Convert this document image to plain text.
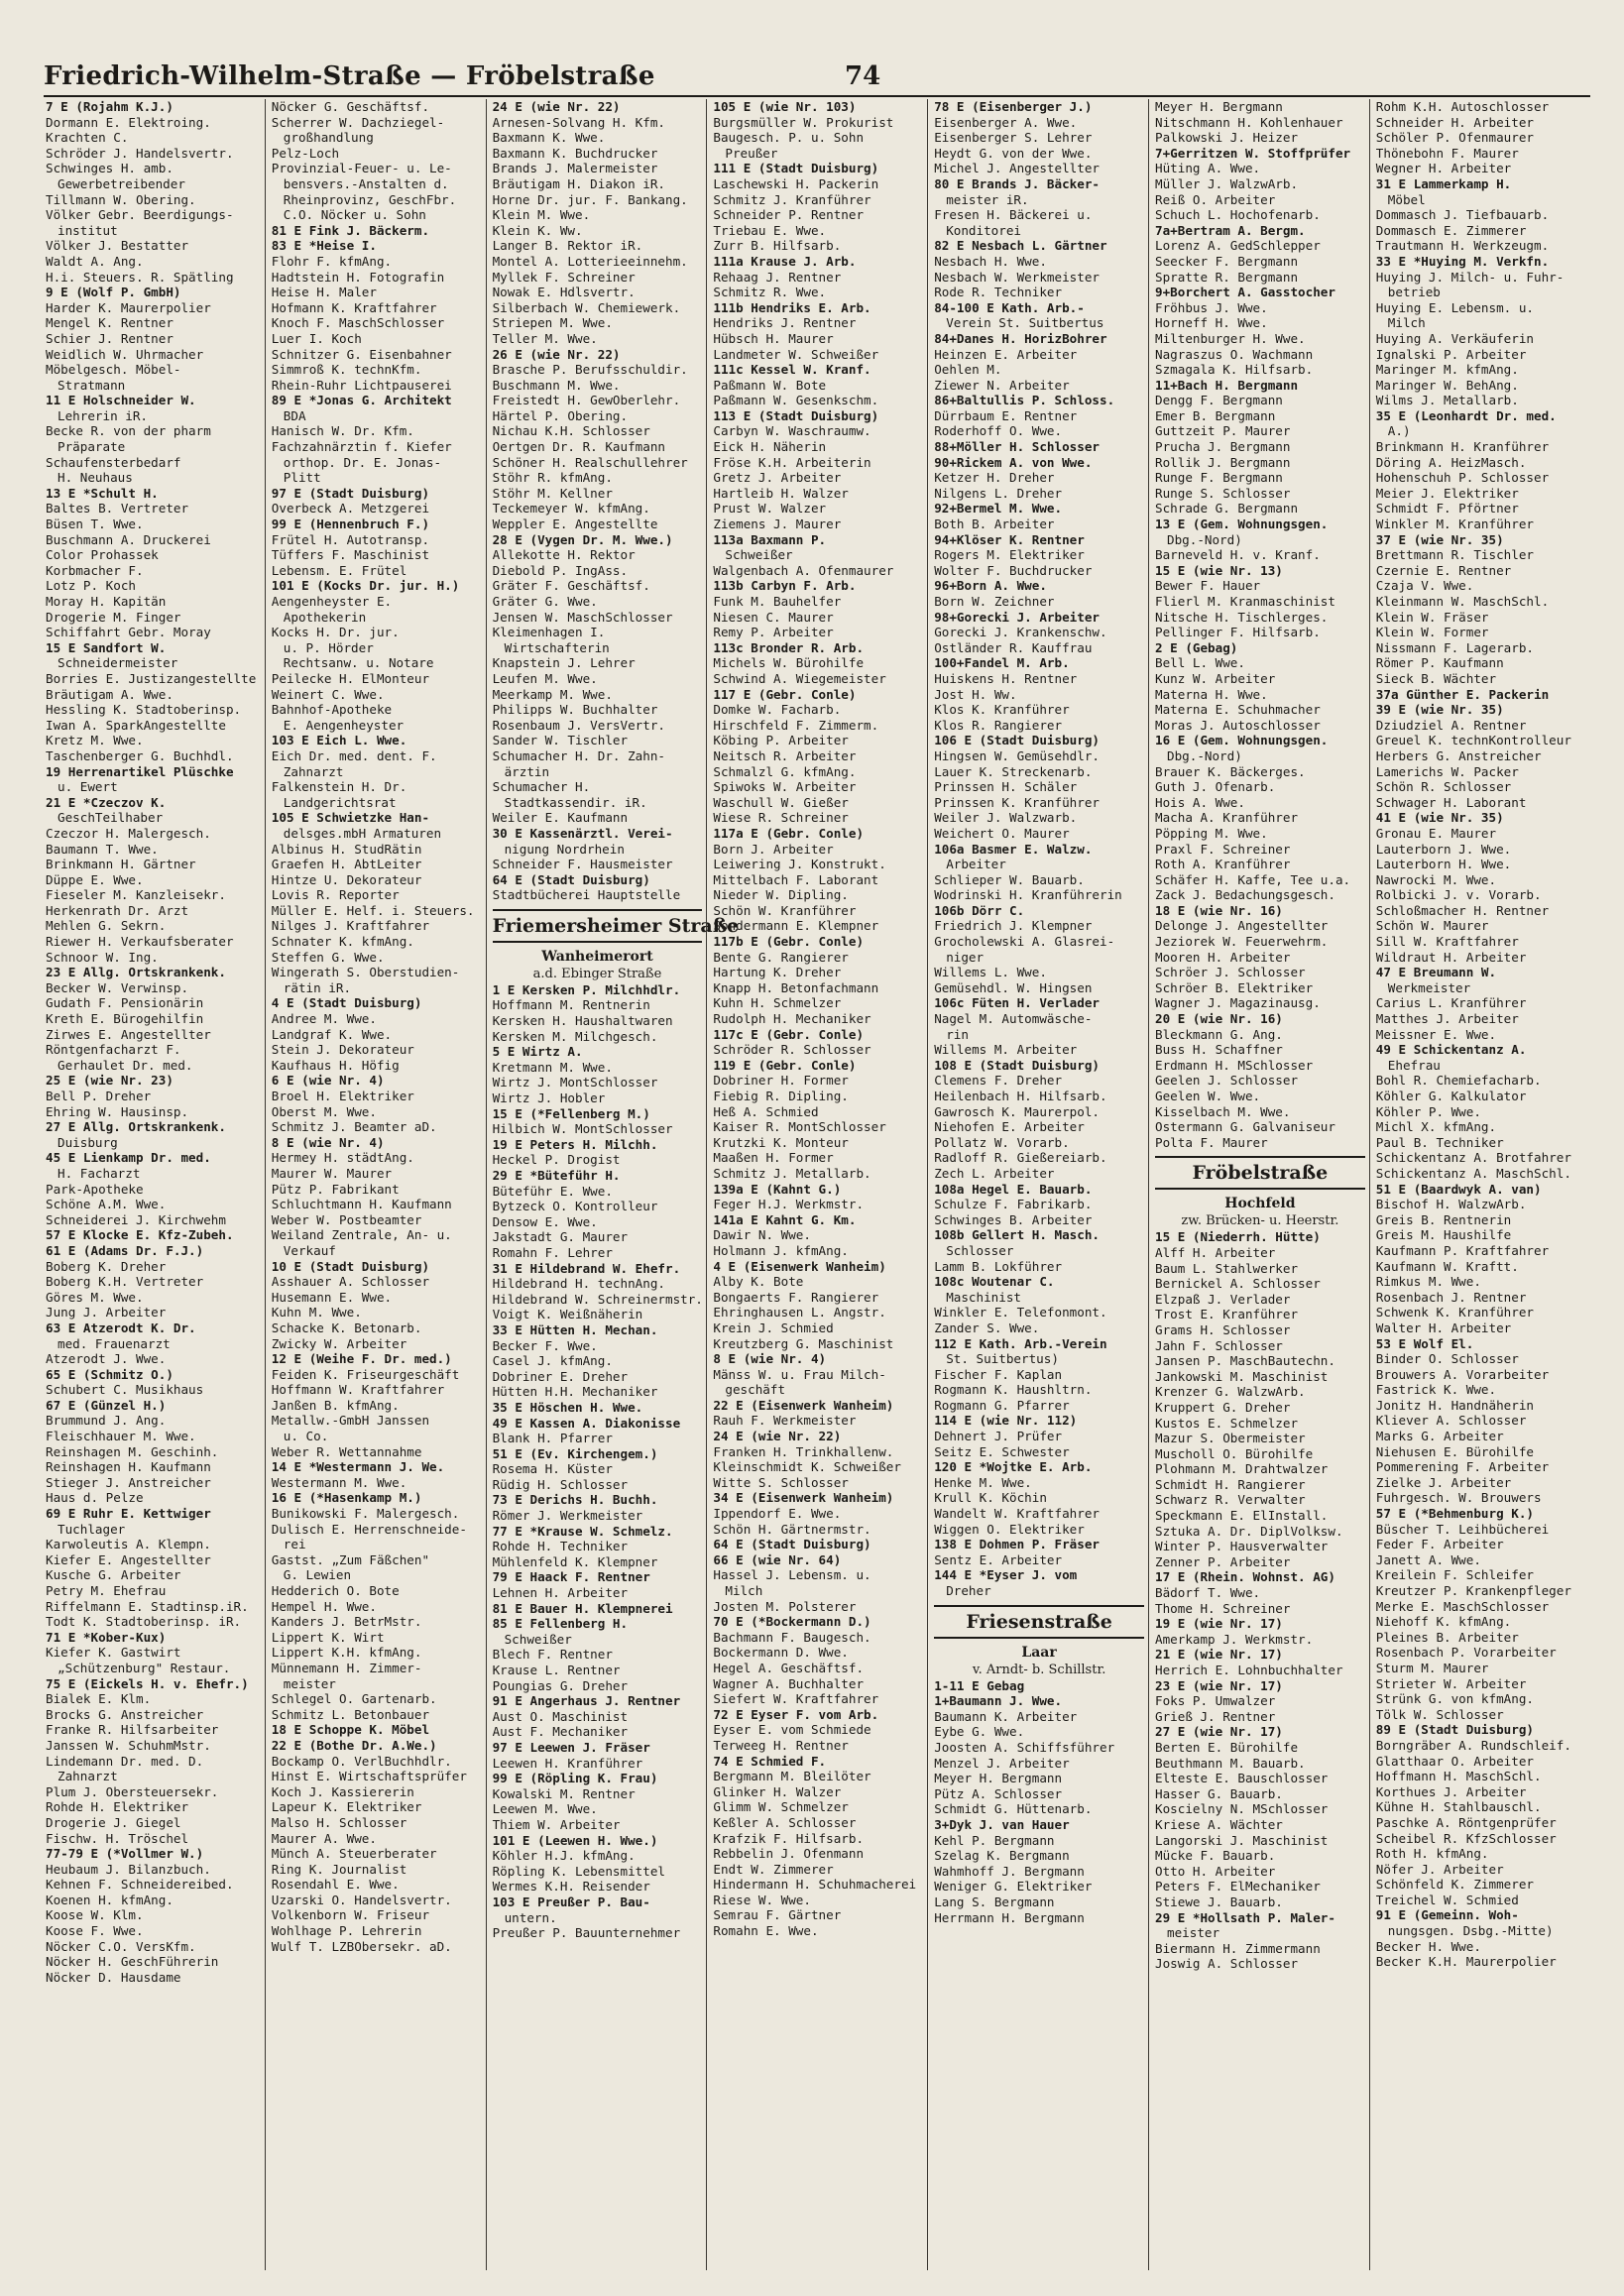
Friedrich-Wilhelm-Straße — Fröbelstraße	74
7 E (Rojahm K.J.)
Dormann E. Elektroing.
Krachten C.
Schröder J. Handelsvertr.
Schwinges H. amb.
Gewerbetreibender
Tillmann W. Obering.
Völker Gebr. Beerdigungs-
institut
Völker J. Bestatter
Waldt A. Ang.
H.i. Steuers. R. Spätling
9 E (Wolf P. GmbH)
Harder K. Maurerpolier
Mengel K. Rentner
Schier J. Rentner
Weidlich W. Uhrmacher
Möbelgesch. Möbel-
Stratmann
11 E Holschneider W.
Lehrerin iR.
Becke R. von der pharm
Präparate
Schaufensterbedarf
H. Neuhaus
13 E *Schult H.
Baltes B. Vertreter
Büsen T. Wwe.
Buschmann A. Druckerei
Color Prohassek
Korbmacher F.
Lotz P. Koch
Moray H. Kapitän
Drogerie M. Finger
Schiffahrt Gebr. Moray
15 E Sandfort W.
Schneidermeister
Borries E. Justizangestellte
Bräutigam A. Wwe.
Hessling K. Stadtoberinsp.
Iwan A. SparkAngestellte
Kretz M. Wwe.
Taschenberger G. Buchhdl.
19 Herrenartikel Plüschke
u. Ewert
21 E *Czeczov K.
GeschTeilhaber
Czeczor H. Malergesch.
Baumann T. Wwe.
Brinkmann H. Gärtner
Düppe E. Wwe.
Fieseler M. Kanzleisekr.
Herkenrath Dr. Arzt
Mehlen G. Sekrn.
Riewer H. Verkaufsberater
Schnoor W. Ing.
23 E Allg. Ortskrankenk.
Becker W. Verwinsp.
Gudath F. Pensionärin
Kreth E. Bürogehilfin
Zirwes E. Angestellter
Röntgenfacharzt F.
Gerhaulet Dr. med.
25 E (wie Nr. 23)
Bell P. Dreher
Ehring W. Hausinsp.
27 E Allg. Ortskrankenk.
Duisburg
45 E Lienkamp Dr. med.
H. Facharzt
Park-Apotheke
Schöne A.M. Wwe.
Schneiderei J. Kirchwehm
57 E Klocke E. Kfz-Zubeh.
61 E (Adams Dr. F.J.)
Boberg K. Dreher
Boberg K.H. Vertreter
Göres M. Wwe.
Jung J. Arbeiter
63 E Atzerodt K. Dr.
med. Frauenarzt
Atzerodt J. Wwe.
65 E (Schmitz O.)
Schubert C. Musikhaus
67 E (Günzel H.)
Brummund J. Ang.
Fleischhauer M. Wwe.
Reinshagen M. Geschinh.
Reinshagen H. Kaufmann
Stieger J. Anstreicher
Haus d. Pelze
69 E Ruhr E. Kettwiger
Tuchlager
Karwoleutis A. Klempn.
Kiefer E. Angestellter
Kusche G. Arbeiter
Petry M. Ehefrau
Riffelmann E. Stadtinsp.iR.
Todt K. Stadtoberinsp. iR.
71 E *Kober-Kux)
Kiefer K. Gastwirt
„Schützenburg" Restaur.
75 E (Eickels H. v. Ehefr.)
Bialek E. Klm.
Brocks G. Anstreicher
Franke R. Hilfsarbeiter
Janssen W. SchuhmMstr.
Lindemann Dr. med. D.
Zahnarzt
Plum J. Obersteuersekr.
Rohde H. Elektriker
Drogerie J. Giegel
Fischw. H. Tröschel
77-79 E (*Vollmer W.)
Heubaum J. Bilanzbuch.
Kehnen F. Schneidereibed.
Koenen H. kfmAng.
Koose W. Klm.
Koose F. Wwe.
Nöcker C.O. VersKfm.
Nöcker H. GeschFührerin
Nöcker D. Hausdame
Nöcker G. Geschäftsf.
Scherrer W. Dachziegel-
großhandlung
Pelz-Loch
Provinzial-Feuer- u. Le-
bensvers.-Anstalten d.
Rheinprovinz, GeschFbr.
C.O. Nöcker u. Sohn
81 E Fink J. Bäckerm.
83 E *Heise I.
Flohr F. kfmAng.
Hadtstein H. Fotografin
Heise H. Maler
Hofmann K. Kraftfahrer
Knoch F. MaschSchlosser
Luer I. Koch
Schnitzer G. Eisenbahner
Simmroß K. technKfm.
Rhein-Ruhr Lichtpauserei
89 E *Jonas G. Architekt
BDA
Hanisch W. Dr. Kfm.
Fachzahnärztin f. Kiefer
orthop. Dr. E. Jonas-
Plitt
97 E (Stadt Duisburg)
Overbeck A. Metzgerei
99 E (Hennenbruch F.)
Frütel H. Autotransp.
Tüffers F. Maschinist
Lebensm. E. Frütel
101 E (Kocks Dr. jur. H.)
Aengenheyster E.
Apothekerin
Kocks H. Dr. jur.
u. P. Hörder
Rechtsanw. u. Notare
Peilecke H. ElMonteur
Weinert C. Wwe.
Bahnhof-Apotheke
E. Aengenheyster
103 E Eich L. Wwe.
Eich Dr. med. dent. F.
Zahnarzt
Falkenstein H. Dr.
Landgerichtsrat
105 E Schwietzke Han-
delsges.mbH Armaturen
Albinus H. StudRätin
Graefen H. AbtLeiter
Hintze U. Dekorateur
Lovis R. Reporter
Müller E. Helf. i. Steuers.
Nilges J. Kraftfahrer
Schnater K. kfmAng.
Steffen G. Wwe.
Wingerath S. Oberstudien-
rätin iR.
4 E (Stadt Duisburg)
Andree M. Wwe.
Landgraf K. Wwe.
Stein J. Dekorateur
Kaufhaus H. Höfig
6 E (wie Nr. 4)
Broel H. Elektriker
Oberst M. Wwe.
Schmitz J. Beamter aD.
8 E (wie Nr. 4)
Hermey H. städtAng.
Maurer W. Maurer
Pütz P. Fabrikant
Schluchtmann H. Kaufmann
Weber W. Postbeamter
Weiland Zentrale, An- u.
Verkauf
10 E (Stadt Duisburg)
Asshauer A. Schlosser
Husemann E. Wwe.
Kuhn M. Wwe.
Schacke K. Betonarb.
Zwicky W. Arbeiter
12 E (Weihe F. Dr. med.)
Feiden K. Friseurgeschäft
Hoffmann W. Kraftfahrer
Janßen B. kfmAng.
Metallw.-GmbH Janssen
u. Co.
Weber R. Wettannahme
14 E *Westermann J. We.
Westermann M. Wwe.
16 E (*Hasenkamp M.)
Bunikowski F. Malergesch.
Dulisch E. Herrenschneide-
rei
Gastst. „Zum Fäßchen"
G. Lewien
Hedderich O. Bote
Hempel H. Wwe.
Kanders J. BetrMstr.
Lippert K. Wirt
Lippert K.H. kfmAng.
Münnemann H. Zimmer-
meister
Schlegel O. Gartenarb.
Schmitz L. Betonbauer
18 E Schoppe K. Möbel
22 E (Bothe Dr. A.We.)
Bockamp O. VerlBuchhdlr.
Hinst E. Wirtschaftsprüfer
Koch J. Kassiererin
Lapeur K. Elektriker
Malso H. Schlosser
Maurer A. Wwe.
Münch A. Steuerberater
Ring K. Journalist
Rosendahl E. Wwe.
Uzarski O. Handelsvertr.
Volkenborn W. Friseur
Wohlhage P. Lehrerin
Wulf T. LZBObersekr. aD.
24 E (wie Nr. 22)
Arnesen-Solvang H. Kfm.
Baxmann K. Wwe.
Baxmann K. Buchdrucker
Brands J. Malermeister
Bräutigam H. Diakon iR.
Horne Dr. jur. F. Bankang.
Klein M. Wwe.
Klein K. Ww.
Langer B. Rektor iR.
Montel A. Lotterieeinnehm.
Myllek F. Schreiner
Nowak E. Hdlsvertr.
Silberbach W. Chemiewerk.
Striepen M. Wwe.
Teller M. Wwe.
26 E (wie Nr. 22)
Brasche P. Berufsschuldir.
Buschmann M. Wwe.
Freistedt H. GewOberlehr.
Härtel P. Obering.
Nichau K.H. Schlosser
Oertgen Dr. R. Kaufmann
Schöner H. Realschullehrer
Stöhr R. kfmAng.
Stöhr M. Kellner
Teckemeyer W. kfmAng.
Weppler E. Angestellte
28 E (Vygen Dr. M. Wwe.)
Allekotte H. Rektor
Diebold P. IngAss.
Gräter F. Geschäftsf.
Gräter G. Wwe.
Jensen W. MaschSchlosser
Kleimenhagen I.
Wirtschafterin
Knapstein J. Lehrer
Leufen M. Wwe.
Meerkamp M. Wwe.
Philipps W. Buchhalter
Rosenbaum J. VersVertr.
Sander W. Tischler
Schumacher H. Dr. Zahn-
ärztin
Schumacher H.
Stadtkassendir. iR.
Weiler E. Kaufmann
30 E Kassenärztl. Verei-
nigung Nordrhein
Schneider F. Hausmeister
64 E (Stadt Duisburg)
Stadtbücherei Hauptstelle
Friemersheimer Straße
Wanheimerort
a.d. Ebinger Straße
1 E Kersken P. Milchhdlr.
Hoffmann M. Rentnerin
Kersken H. Haushaltwaren
Kersken M. Milchgesch.
5 E Wirtz A.
Kretmann M. Wwe.
Wirtz J. MontSchlosser
Wirtz J. Hobler
15 E (*Fellenberg M.)
Hilbich W. MontSchlosser
19 E Peters H. Milchh.
Heckel P. Drogist
29 E *Büteführ H.
Büteführ E. Wwe.
Bytzeck O. Kontrolleur
Densow E. Wwe.
Jakstadt G. Maurer
Romahn F. Lehrer
31 E Hildebrand W. Ehefr.
Hildebrand H. technAng.
Hildebrand W. Schreinermstr.
Voigt K. Weißnäherin
33 E Hütten H. Mechan.
Becker F. Wwe.
Casel J. kfmAng.
Dobriner E. Dreher
Hütten H.H. Mechaniker
35 E Höschen H. Wwe.
49 E Kassen A. Diakonisse
Blank H. Pfarrer
51 E (Ev. Kirchengem.)
Rosema H. Küster
Rüdig H. Schlosser
73 E Derichs H. Buchh.
Römer J. Werkmeister
77 E *Krause W. Schmelz.
Rohde H. Techniker
Mühlenfeld K. Klempner
79 E Haack F. Rentner
Lehnen H. Arbeiter
81 E Bauer H. Klempnerei
85 E Fellenberg H.
Schweißer
Blech F. Rentner
Krause L. Rentner
Poungias G. Dreher
91 E Angerhaus J. Rentner
Aust O. Maschinist
Aust F. Mechaniker
97 E Leewen J. Fräser
Leewen H. Kranführer
99 E (Röpling K. Frau)
Kowalski M. Rentner
Leewen M. Wwe.
Thiem W. Arbeiter
101 E (Leewen H. Wwe.)
Köhler H.J. kfmAng.
Röpling K. Lebensmittel
Wermes K.H. Reisender
103 E Preußer P. Bau-
untern.
Preußer P. Bauunternehmer
105 E (wie Nr. 103)
Burgsmüller W. Prokurist
Baugesch. P. u. Sohn
Preußer
111 E (Stadt Duisburg)
Laschewski H. Packerin
Schmitz J. Kranführer
Schneider P. Rentner
Triebau E. Wwe.
Zurr B. Hilfsarb.
111a Krause J. Arb.
Rehaag J. Rentner
Schmitz R. Wwe.
111b Hendriks E. Arb.
Hendriks J. Rentner
Hübsch H. Maurer
Landmeter W. Schweißer
111c Kessel W. Kranf.
Paßmann W. Bote
Paßmann W. Gesenkschm.
113 E (Stadt Duisburg)
Carbyn W. Waschraumw.
Eick H. Näherin
Fröse K.H. Arbeiterin
Gretz J. Arbeiter
Hartleib H. Walzer
Prust W. Walzer
Ziemens J. Maurer
113a Baxmann P.
Schweißer
Walgenbach A. Ofenmaurer
113b Carbyn F. Arb.
Funk M. Bauhelfer
Niesen C. Maurer
Remy P. Arbeiter
113c Bronder R. Arb.
Michels W. Bürohilfe
Schwind A. Wiegemeister
117 E (Gebr. Conle)
Domke W. Facharb.
Hirschfeld F. Zimmerm.
Köbing P. Arbeiter
Neitsch R. Arbeiter
Schmalzl G. kfmAng.
Spiwoks W. Arbeiter
Waschull W. Gießer
Wiese R. Schreiner
117a E (Gebr. Conle)
Born J. Arbeiter
Leiwering J. Konstrukt.
Mittelbach F. Laborant
Nieder W. Dipling.
Schön W. Kranführer
Sondermann E. Klempner
117b E (Gebr. Conle)
Bente G. Rangierer
Hartung K. Dreher
Knapp H. Betonfachmann
Kuhn H. Schmelzer
Rudolph H. Mechaniker
117c E (Gebr. Conle)
Schröder R. Schlosser
119 E (Gebr. Conle)
Dobriner H. Former
Fiebig R. Dipling.
Heß A. Schmied
Kaiser R. MontSchlosser
Krutzki K. Monteur
Maaßen H. Former
Schmitz J. Metallarb.
139a E (Kahnt G.)
Feger H.J. Werkmstr.
141a E Kahnt G. Km.
Dawir N. Wwe.
Holmann J. kfmAng.
4 E (Eisenwerk Wanheim)
Alby K. Bote
Bongaerts F. Rangierer
Ehringhausen L. Angstr.
Krein J. Schmied
Kreutzberg G. Maschinist
8 E (wie Nr. 4)
Mänss W. u. Frau Milch-
geschäft
22 E (Eisenwerk Wanheim)
Rauh F. Werkmeister
24 E (wie Nr. 22)
Franken H. Trinkhallenw.
Kleinschmidt K. Schweißer
Witte S. Schlosser
34 E (Eisenwerk Wanheim)
Ippendorf E. Wwe.
Schön H. Gärtnermstr.
64 E (Stadt Duisburg)
66 E (wie Nr. 64)
Hassel J. Lebensm. u.
Milch
Josten M. Polsterer
70 E (*Bockermann D.)
Bachmann F. Baugesch.
Bockermann D. Wwe.
Hegel A. Geschäftsf.
Wagner A. Buchhalter
Siefert W. Kraftfahrer
72 E Eyser F. vom Arb.
Eyser E. vom Schmiede
Terweeg H. Rentner
74 E Schmied F.
Bergmann M. Bleilöter
Glinker H. Walzer
Glimm W. Schmelzer
Keßler A. Schlosser
Krafzik F. Hilfsarb.
Rebbelin J. Ofenmann
Endt W. Zimmerer
Hindermann H. Schuhmacherei
Riese W. Wwe.
Semrau F. Gärtner
Romahn E. Wwe.
78 E (Eisenberger J.)
Eisenberger A. Wwe.
Eisenberger S. Lehrer
Heydt G. von der Wwe.
Michel J. Angestellter
80 E Brands J. Bäcker-
meister iR.
Fresen H. Bäckerei u.
Konditorei
82 E Nesbach L. Gärtner
Nesbach H. Wwe.
Nesbach W. Werkmeister
Rode R. Techniker
84-100 E Kath. Arb.-
Verein St. Suitbertus
84+Danes H. HorizBohrer
Heinzen E. Arbeiter
Oehlen M.
Ziewer N. Arbeiter
86+Baltullis P. Schloss.
Dürrbaum E. Rentner
Roderhoff O. Wwe.
88+Möller H. Schlosser
90+Rickem A. von Wwe.
Ketzer H. Dreher
Nilgens L. Dreher
92+Bermel M. Wwe.
Both B. Arbeiter
94+Klöser K. Rentner
Rogers M. Elektriker
Wolter F. Buchdrucker
96+Born A. Wwe.
Born W. Zeichner
98+Gorecki J. Arbeiter
Gorecki J. Krankenschw.
Ostländer R. Kauffrau
100+Fandel M. Arb.
Huiskens H. Rentner
Jost H. Ww.
Klos K. Kranführer
Klos R. Rangierer
106 E (Stadt Duisburg)
Hingsen W. Gemüsehdlr.
Lauer K. Streckenarb.
Prinssen H. Schäler
Prinssen K. Kranführer
Weiler J. Walzwarb.
Weichert O. Maurer
106a Basmer E. Walzw.
Arbeiter
Schlieper W. Bauarb.
Wodrinski H. Kranführerin
106b Dörr C.
Friedrich J. Klempner
Grocholewski A. Glasrei-
niger
Willems L. Wwe.
Gemüsehdl. W. Hingsen
106c Füten H. Verlader
Nagel M. Automwäsche-
rin
Willems M. Arbeiter
108 E (Stadt Duisburg)
Clemens F. Dreher
Heilenbach H. Hilfsarb.
Gawrosch K. Maurerpol.
Niehofen E. Arbeiter
Pollatz W. Vorarb.
Radloff R. Gießereiarb.
Zech L. Arbeiter
108a Hegel E. Bauarb.
Schulze F. Fabrikarb.
Schwinges B. Arbeiter
108b Gellert H. Masch.
Schlosser
Lamm B. Lokführer
108c Woutenar C.
Maschinist
Winkler E. Telefonmont.
Zander S. Wwe.
112 E Kath. Arb.-Verein
St. Suitbertus)
Fischer F. Kaplan
Rogmann K. Haushltrn.
Rogmann G. Pfarrer
114 E (wie Nr. 112)
Dehnert J. Prüfer
Seitz E. Schwester
120 E *Wojtke E. Arb.
Henke M. Wwe.
Krull K. Köchin
Wandelt W. Kraftfahrer
Wiggen O. Elektriker
138 E Dohmen P. Fräser
Sentz E. Arbeiter
144 E *Eyser J. vom
Dreher
Friesenstraße
Laar
v. Arndt- b. Schillstr.
1-11 E Gebag
1+Baumann J. Wwe.
Baumann K. Arbeiter
Eybe G. Wwe.
Joosten A. Schiffsführer
Menzel J. Arbeiter
Meyer H. Bergmann
Pütz A. Schlosser
Schmidt G. Hüttenarb.
3+Dyk J. van Hauer
Kehl P. Bergmann
Szelag K. Bergmann
Wahmhoff J. Bergmann
Weniger G. Elektriker
Lang S. Bergmann
Herrmann H. Bergmann
Meyer H. Bergmann
Nitschmann H. Kohlenhauer
Palkowski J. Heizer
7+Gerritzen W. Stoffprüfer
Hüting A. Wwe.
Müller J. WalzwArb.
Reiß O. Arbeiter
Schuch L. Hochofenarb.
7a+Bertram A. Bergm.
Lorenz A. GedSchlepper
Seecker F. Bergmann
Spratte R. Bergmann
9+Borchert A. Gasstocher
Fröhbus J. Wwe.
Horneff H. Wwe.
Miltenburger H. Wwe.
Nagraszus O. Wachmann
Szmagala K. Hilfsarb.
11+Bach H. Bergmann
Dengg F. Bergmann
Emer B. Bergmann
Guttzeit P. Maurer
Prucha J. Bergmann
Rollik J. Bergmann
Runge F. Bergmann
Runge S. Schlosser
Schrade G. Bergmann
13 E (Gem. Wohnungsgen.
Dbg.-Nord)
Barneveld H. v. Kranf.
15 E (wie Nr. 13)
Bewer F. Hauer
Flierl M. Kranmaschinist
Nitsche H. Tischlerges.
Pellinger F. Hilfsarb.
2 E (Gebag)
Bell L. Wwe.
Kunz W. Arbeiter
Materna H. Wwe.
Materna E. Schuhmacher
Moras J. Autoschlosser
16 E (Gem. Wohnungsgen.
Dbg.-Nord)
Brauer K. Bäckerges.
Guth J. Ofenarb.
Hois A. Wwe.
Macha A. Kranführer
Pöpping M. Wwe.
Praxl F. Schreiner
Roth A. Kranführer
Schäfer H. Kaffe, Tee u.a.
Zack J. Bedachungsgesch.
18 E (wie Nr. 16)
Delonge J. Angestellter
Jeziorek W. Feuerwehrm.
Mooren H. Arbeiter
Schröer J. Schlosser
Schröer B. Elektriker
Wagner J. Magazinausg.
20 E (wie Nr. 16)
Bleckmann G. Ang.
Buss H. Schaffner
Erdmann H. MSchlosser
Geelen J. Schlosser
Geelen W. Wwe.
Kisselbach M. Wwe.
Ostermann G. Galvaniseur
Polta F. Maurer
Fröbelstraße
Hochfeld
zw. Brücken- u. Heerstr.
15 E (Niederrh. Hütte)
Alff H. Arbeiter
Baum L. Stahlwerker
Bernickel A. Schlosser
Elzpaß J. Verlader
Trost E. Kranführer
Grams H. Schlosser
Jahn F. Schlosser
Jansen P. MaschBautechn.
Jankowski M. Maschinist
Krenzer G. WalzwArb.
Kruppert G. Dreher
Kustos E. Schmelzer
Mazur S. Obermeister
Muscholl O. Bürohilfe
Plohmann M. Drahtwalzer
Schmidt H. Rangierer
Schwarz R. Verwalter
Speckmann E. ElInstall.
Sztuka A. Dr. DiplVolksw.
Winter P. Hausverwalter
Zenner P. Arbeiter
17 E (Rhein. Wohnst. AG)
Bädorf T. Wwe.
Thome H. Schreiner
19 E (wie Nr. 17)
Amerkamp J. Werkmstr.
21 E (wie Nr. 17)
Herrich E. Lohnbuchhalter
23 E (wie Nr. 17)
Foks P. Umwalzer
Grieß J. Rentner
27 E (wie Nr. 17)
Berten E. Bürohilfe
Beuthmann M. Bauarb.
Elteste E. Bauschlosser
Hasser G. Bauarb.
Koscielny N. MSchlosser
Kriese A. Wächter
Langorski J. Maschinist
Mücke F. Bauarb.
Otto H. Arbeiter
Peters F. ElMechaniker
Stiewe J. Bauarb.
29 E *Hollsath P. Maler-
meister
Biermann H. Zimmermann
Joswig A. Schlosser
Rohm K.H. Autoschlosser
Schneider H. Arbeiter
Schöler P. Ofenmaurer
Thönebohn F. Maurer
Wegner H. Arbeiter
31 E Lammerkamp H.
Möbel
Dommasch J. Tiefbauarb.
Dommasch E. Zimmerer
Trautmann H. Werkzeugm.
33 E *Huying M. Verkfn.
Huying J. Milch- u. Fuhr-
betrieb
Huying E. Lebensm. u.
Milch
Huying A. Verkäuferin
Ignalski P. Arbeiter
Maringer M. kfmAng.
Maringer W. BehAng.
Wilms J. Metallarb.
35 E (Leonhardt Dr. med.
A.)
Brinkmann H. Kranführer
Döring A. HeizMasch.
Hohenschuh P. Schlosser
Meier J. Elektriker
Schmidt F. Pförtner
Winkler M. Kranführer
37 E (wie Nr. 35)
Brettmann R. Tischler
Czernie E. Rentner
Czaja V. Wwe.
Kleinmann W. MaschSchl.
Klein W. Fräser
Klein W. Former
Nissmann F. Lagerarb.
Römer P. Kaufmann
Sieck B. Wächter
37a Günther E. Packerin
39 E (wie Nr. 35)
Dziudziel A. Rentner
Greuel K. technKontrolleur
Herbers G. Anstreicher
Lamerichs W. Packer
Schön R. Schlosser
Schwager H. Laborant
41 E (wie Nr. 35)
Gronau E. Maurer
Lauterborn J. Wwe.
Lauterborn H. Wwe.
Nawrocki M. Wwe.
Rolbicki J. v. Vorarb.
Schloßmacher H. Rentner
Schön W. Maurer
Sill W. Kraftfahrer
Wildraut H. Arbeiter
47 E Breumann W.
Werkmeister
Carius L. Kranführer
Matthes J. Arbeiter
Meissner E. Wwe.
49 E Schickentanz A.
Ehefrau
Bohl R. Chemiefacharb.
Köhler G. Kalkulator
Köhler P. Wwe.
Michl X. kfmAng.
Paul B. Techniker
Schickentanz A. Brotfahrer
Schickentanz A. MaschSchl.
51 E (Baardwyk A. van)
Bischof H. WalzwArb.
Greis B. Rentnerin
Greis M. Haushilfe
Kaufmann P. Kraftfahrer
Kaufmann W. Kraftt.
Rimkus M. Wwe.
Rosenbach J. Rentner
Schwenk K. Kranführer
Walter H. Arbeiter
53 E Wolf El.
Binder O. Schlosser
Brouwers A. Vorarbeiter
Fastrick K. Wwe.
Jonitz H. Handnäherin
Kliever A. Schlosser
Marks G. Arbeiter
Niehusen E. Bürohilfe
Pommerening F. Arbeiter
Zielke J. Arbeiter
Fuhrgesch. W. Brouwers
57 E (*Behmenburg K.)
Büscher T. Leihbücherei
Feder F. Arbeiter
Janett A. Wwe.
Kreilein F. Schleifer
Kreutzer P. Krankenpfleger
Merke E. MaschSchlosser
Niehoff K. kfmAng.
Pleines B. Arbeiter
Rosenbach P. Vorarbeiter
Sturm M. Maurer
Strieter W. Arbeiter
Strünk G. von kfmAng.
Tölk W. Schlosser
89 E (Stadt Duisburg)
Borngräber A. Rundschleif.
Glatthaar O. Arbeiter
Hoffmann H. MaschSchl.
Korthues J. Arbeiter
Kühne H. Stahlbauschl.
Paschke A. Röntgenprüfer
Scheibel R. KfzSchlosser
Roth H. kfmAng.
Nöfer J. Arbeiter
Schönfeld K. Zimmerer
Treichel W. Schmied
91 E (Gemeinn. Woh-
nungsgen. Dsbg.-Mitte)
Becker H. Wwe.
Becker K.H. Maurerpolier
